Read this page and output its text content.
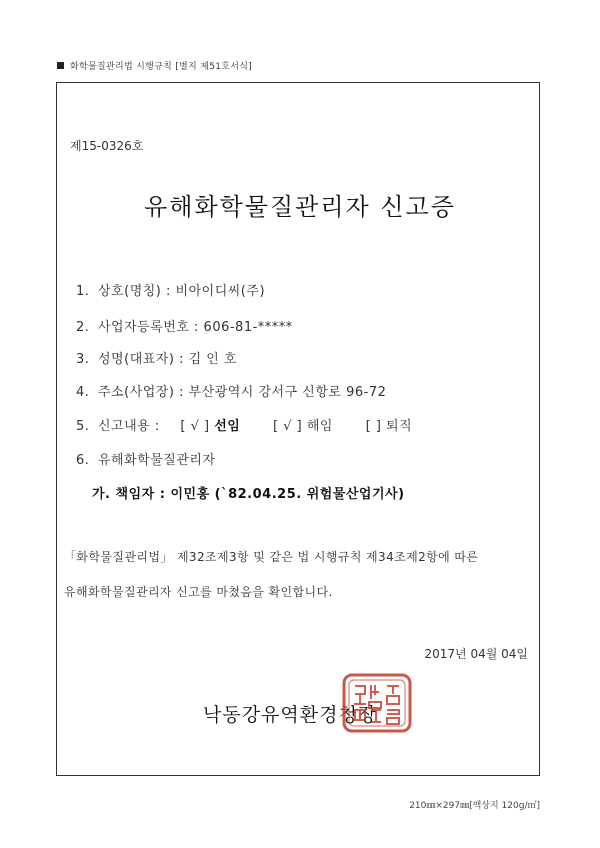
화학물질관리법 시행규칙 [별지 제51호서식]
제15-0326호
유해화학물질관리자 신고증
1. 상호(명칭) : 비아이디씨(주)
2. 사업자등록번호 : 606-81-*****
3. 성명(대표자) : 김 인 호
4. 주소(사업장) : 부산광역시 강서구 신항로 96-72
5. 신고내용 : [ √ ] 선임	[ √ ] 해임	[ ] 퇴직
6. 유해화학물질관리자
가. 책임자 : 이민홍 (`82.04.25. 위험물산업기사)
「화학물질관리법」 제32조제3항 및 같은 법 시행규칙 제34조제2항에 따른
유해화학물질관리자 신고를 마쳤음을 확인합니다.
2017년 04월 04일
낙동강유역환경청장
210㎜×297㎜[백상지 120g/㎡]
